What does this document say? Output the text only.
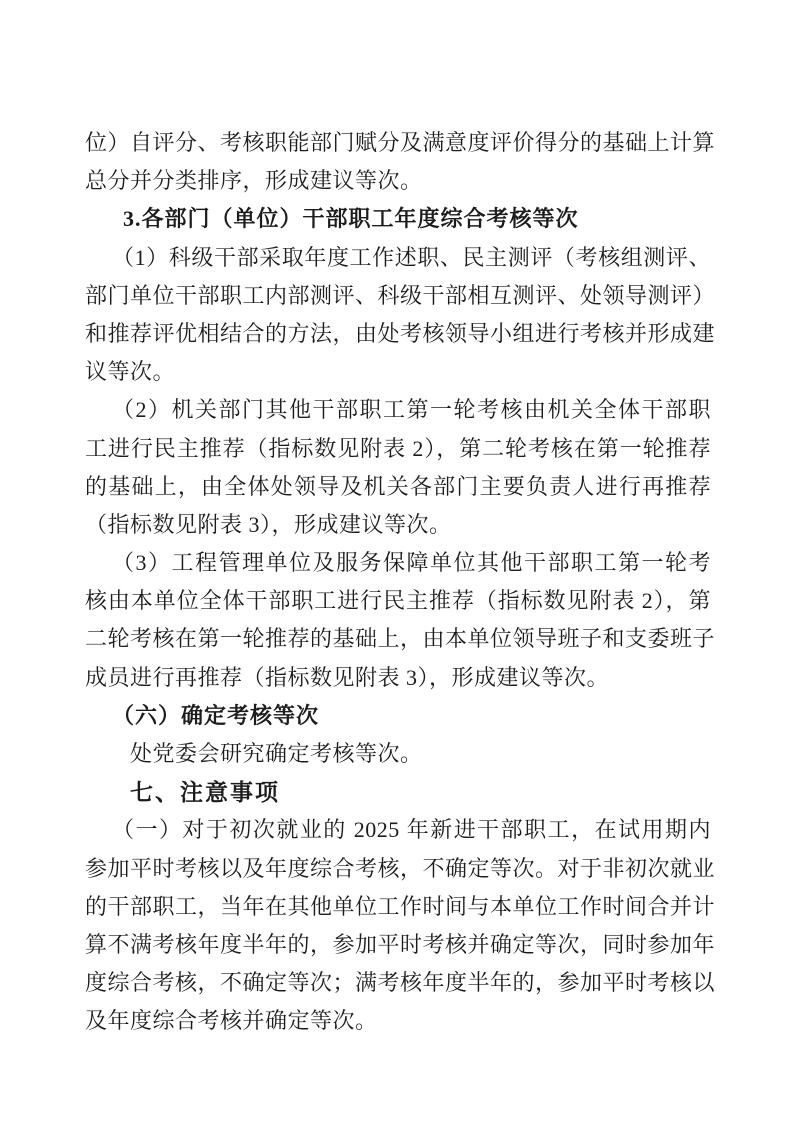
位）自评分、考核职能部门赋分及满意度评价得分的基础上计算
总分并分类排序，形成建议等次。
3.各部门（单位）干部职工年度综合考核等次
（1）科级干部采取年度工作述职、民主测评（考核组测评、
部门单位干部职工内部测评、科级干部相互测评、处领导测评）
和推荐评优相结合的方法，由处考核领导小组进行考核并形成建
议等次。
（2）机关部门其他干部职工第一轮考核由机关全体干部职
工进行民主推荐（指标数见附表 2），第二轮考核在第一轮推荐
的基础上，由全体处领导及机关各部门主要负责人进行再推荐
（指标数见附表 3），形成建议等次。
（3）工程管理单位及服务保障单位其他干部职工第一轮考
核由本单位全体干部职工进行民主推荐（指标数见附表 2），第
二轮考核在第一轮推荐的基础上，由本单位领导班子和支委班子
成员进行再推荐（指标数见附表 3），形成建议等次。
（六）确定考核等次
处党委会研究确定考核等次。
七、注意事项
（一）对于初次就业的 2025 年新进干部职工，在试用期内
参加平时考核以及年度综合考核，不确定等次。对于非初次就业
的干部职工，当年在其他单位工作时间与本单位工作时间合并计
算不满考核年度半年的，参加平时考核并确定等次，同时参加年
度综合考核，不确定等次；满考核年度半年的，参加平时考核以
及年度综合考核并确定等次。
